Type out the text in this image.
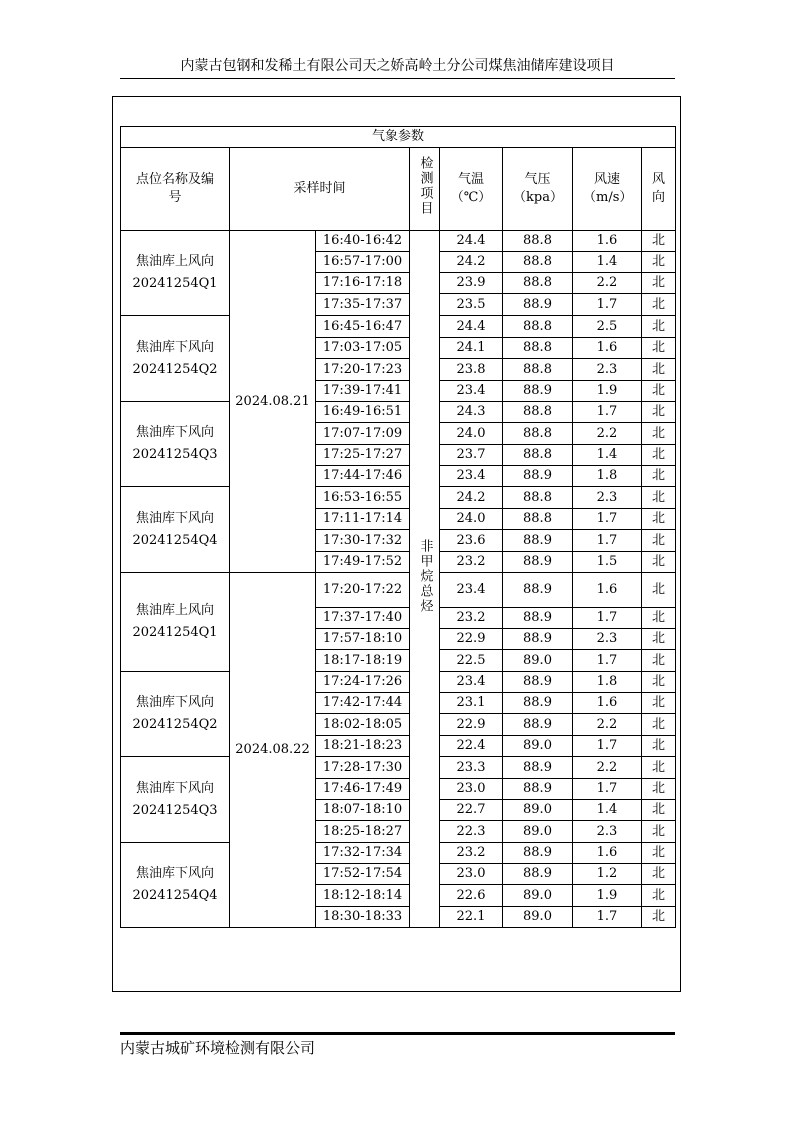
内蒙古包钢和发稀土有限公司天之娇高岭土分公司煤焦油储库建设项目
气象参数							
点位名称及编号	采样时间		检测项目	气温（℃）	气压（kpa）	风速（m/s）	风向
焦油库上风向20241254Q1	2024.08.21	16:40-16:42	非甲烷总烃	24.4	88.8	1.6	北
		16:57-17:00		24.2	88.8	1.4	北
		17:16-17:18		23.9	88.8	2.2	北
		17:35-17:37		23.5	88.9	1.7	北
焦油库下风向20241254Q2		16:45-16:47		24.4	88.8	2.5	北
		17:03-17:05		24.1	88.8	1.6	北
		17:20-17:23		23.8	88.8	2.3	北
		17:39-17:41		23.4	88.9	1.9	北
焦油库下风向20241254Q3		16:49-16:51		24.3	88.8	1.7	北
		17:07-17:09		24.0	88.8	2.2	北
		17:25-17:27		23.7	88.8	1.4	北
		17:44-17:46		23.4	88.9	1.8	北
焦油库下风向20241254Q4		16:53-16:55		24.2	88.8	2.3	北
		17:11-17:14		24.0	88.8	1.7	北
		17:30-17:32		23.6	88.9	1.7	北
		17:49-17:52		23.2	88.9	1.5	北
焦油库上风向20241254Q1	2024.08.22	17:20-17:22		23.4	88.9	1.6	北
		17:37-17:40		23.2	88.9	1.7	北
		17:57-18:10		22.9	88.9	2.3	北
		18:17-18:19		22.5	89.0	1.7	北
焦油库下风向20241254Q2		17:24-17:26		23.4	88.9	1.8	北
		17:42-17:44		23.1	88.9	1.6	北
		18:02-18:05		22.9	88.9	2.2	北
		18:21-18:23		22.4	89.0	1.7	北
焦油库下风向20241254Q3		17:28-17:30		23.3	88.9	2.2	北
		17:46-17:49		23.0	88.9	1.7	北
		18:07-18:10		22.7	89.0	1.4	北
		18:25-18:27		22.3	89.0	2.3	北
焦油库下风向20241254Q4		17:32-17:34		23.2	88.9	1.6	北
		17:52-17:54		23.0	88.9	1.2	北
		18:12-18:14		22.6	89.0	1.9	北
		18:30-18:33		22.1	89.0	1.7	北
内蒙古城矿环境检测有限公司
